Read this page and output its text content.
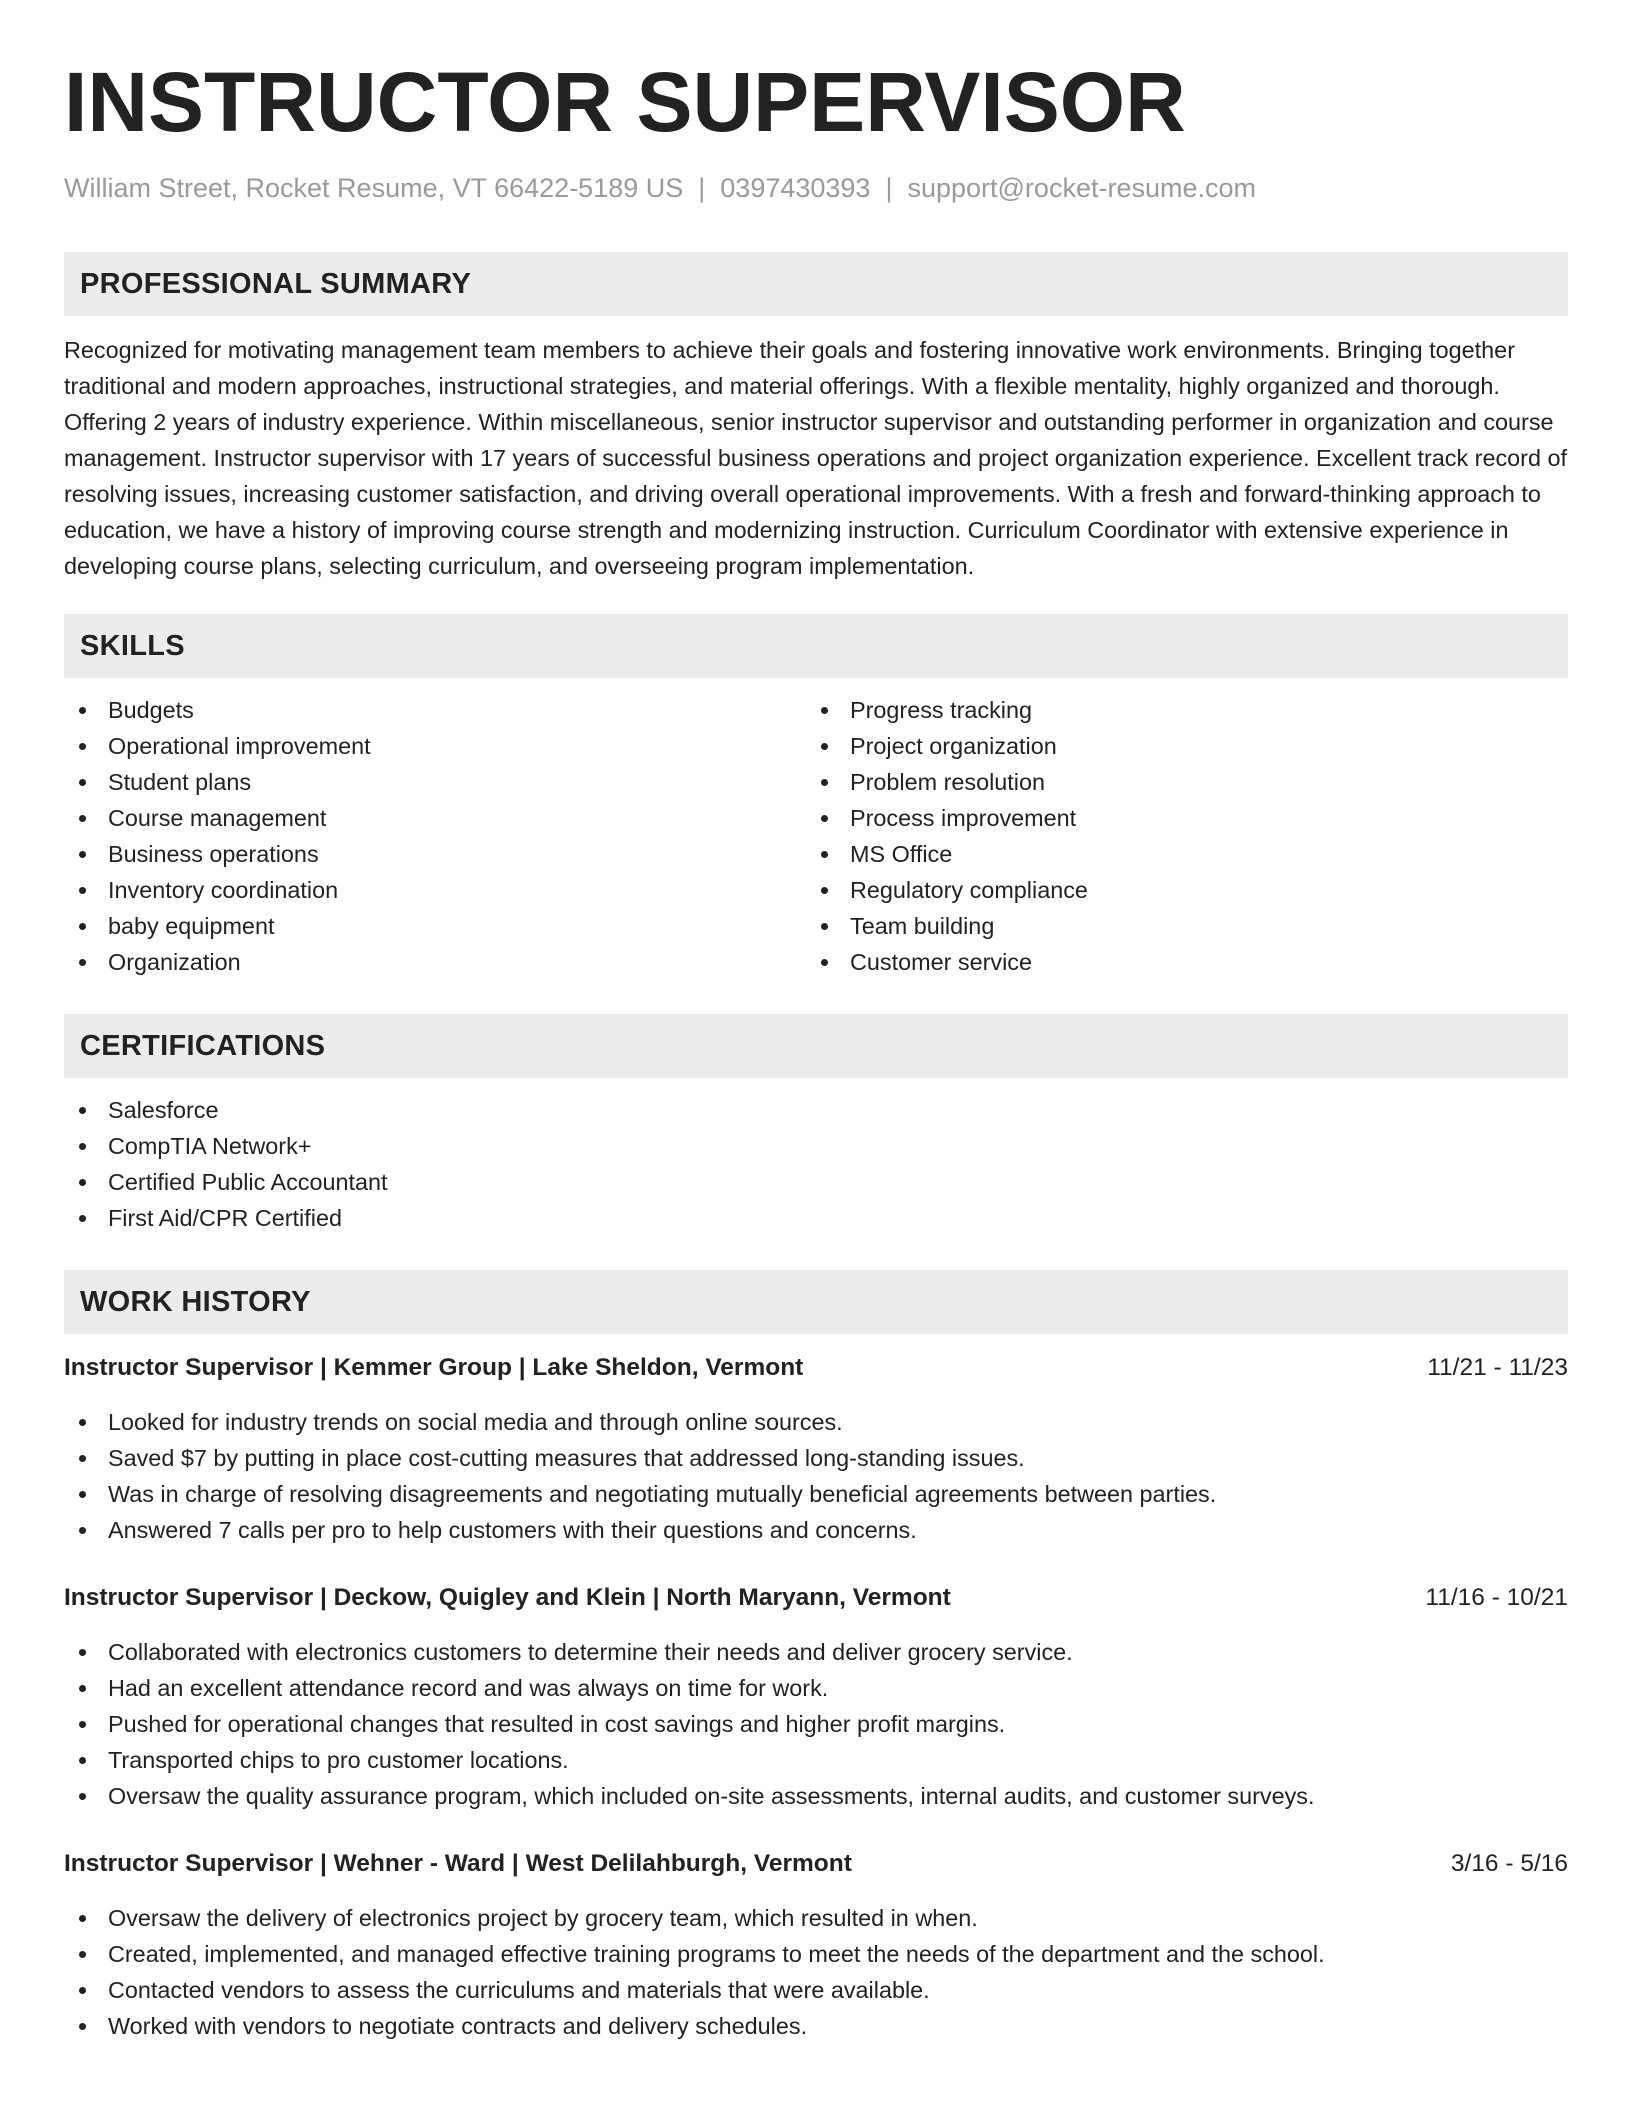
INSTRUCTOR SUPERVISOR
William Street, Rocket Resume, VT 66422-5189 US | 0397430393 | support@rocket-resume.com
PROFESSIONAL SUMMARY

Recognized for motivating management team members to achieve their goals and fostering innovative work environments. Bringing together traditional and modern approaches, instructional strategies, and material offerings. With a flexible mentality, highly organized and thorough. Offering 2 years of industry experience. Within miscellaneous, senior instructor supervisor and outstanding performer in organization and course management. Instructor supervisor with 17 years of successful business operations and project organization experience. Excellent track record of resolving issues, increasing customer satisfaction, and driving overall operational improvements. With a fresh and forward-thinking approach to education, we have a history of improving course strength and modernizing instruction. Curriculum Coordinator with extensive experience in developing course plans, selecting curriculum, and overseeing program implementation.

SKILLS
Budgets
Operational improvement
Student plans
Course management
Business operations
Inventory coordination
baby equipment
Organization
Progress tracking
Project organization
Problem resolution
Process improvement
MS Office
Regulatory compliance
Team building
Customer service
CERTIFICATIONS
Salesforce
CompTIA Network+
Certified Public Accountant
First Aid/CPR Certified
WORK HISTORY
Instructor Supervisor | Kemmer Group | Lake Sheldon, Vermont	11/21 - 11/23
Looked for industry trends on social media and through online sources.
Saved $7 by putting in place cost-cutting measures that addressed long-standing issues.
Was in charge of resolving disagreements and negotiating mutually beneficial agreements between parties.
Answered 7 calls per pro to help customers with their questions and concerns.
Instructor Supervisor | Deckow, Quigley and Klein | North Maryann, Vermont	11/16 - 10/21
Collaborated with electronics customers to determine their needs and deliver grocery service.
Had an excellent attendance record and was always on time for work.
Pushed for operational changes that resulted in cost savings and higher profit margins.
Transported chips to pro customer locations.
Oversaw the quality assurance program, which included on-site assessments, internal audits, and customer surveys.
Instructor Supervisor | Wehner - Ward | West Delilahburgh, Vermont	3/16 - 5/16
Oversaw the delivery of electronics project by grocery team, which resulted in when.
Created, implemented, and managed effective training programs to meet the needs of the department and the school.
Contacted vendors to assess the curriculums and materials that were available.
Worked with vendors to negotiate contracts and delivery schedules.
